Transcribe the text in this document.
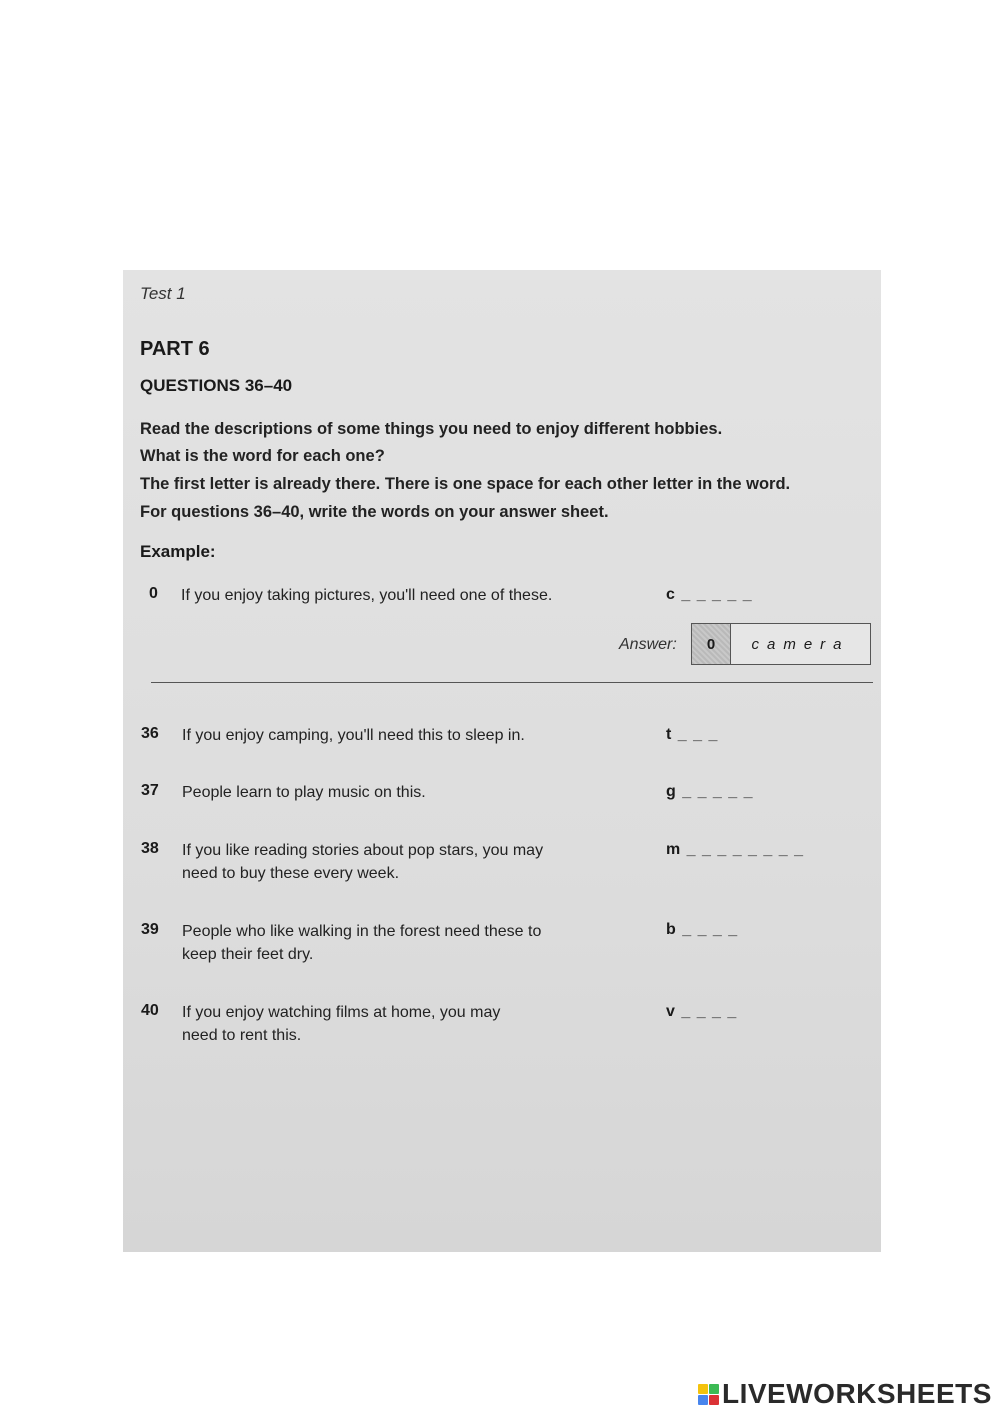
Test 1
PART 6
QUESTIONS 36–40
Read the descriptions of some things you need to enjoy different hobbies.
What is the word for each one?
The first letter is already there. There is one space for each other letter in the word.
For questions 36–40, write the words on your answer sheet.
Example:
0 If you enjoy taking pictures, you'll need one of these.	c _ _ _ _ _
Answer:	0	camera
36 If you enjoy camping, you'll need this to sleep in.	t _ _ _
37 People learn to play music on this.	g _ _ _ _ _
38 If you like reading stories about pop stars, you may
need to buy these every week.
m _ _ _ _ _ _ _ _
39 People who like walking in the forest need these to
keep their feet dry.
b _ _ _ _
40 If you enjoy watching films at home, you may
need to rent this.
v _ _ _ _
LIVEWORKSHEETS
